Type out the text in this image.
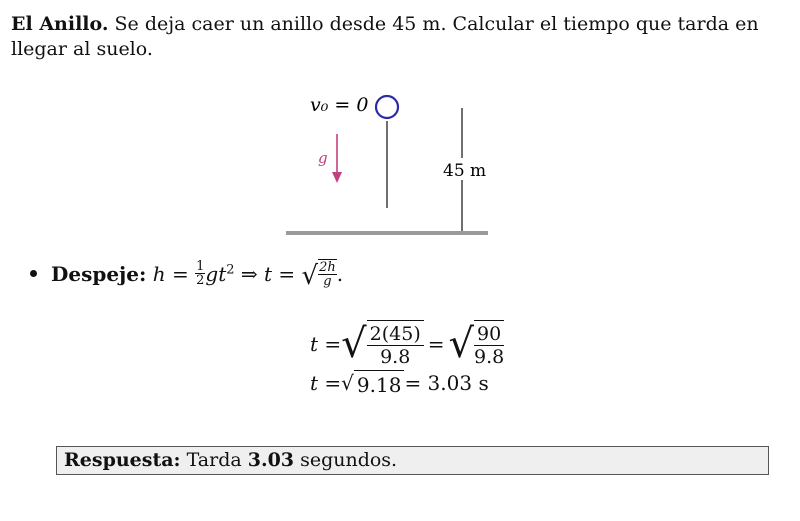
El Anillo. Se deja caer un anillo desde 45 m. Calcular el tiempo que tarda en llegar al suelo.
v₀ = 0
g
45 m
Despeje: $h = \frac{1}{2} gt^2$ ⇒ t = √ $\frac{2h}{g}$ .
t = √ $\frac{2(45)}{9.8}$ = √ 90
9.8
t = √ 9.18 = 3.03 s
Respuesta: Tarda 3.03 segundos.
